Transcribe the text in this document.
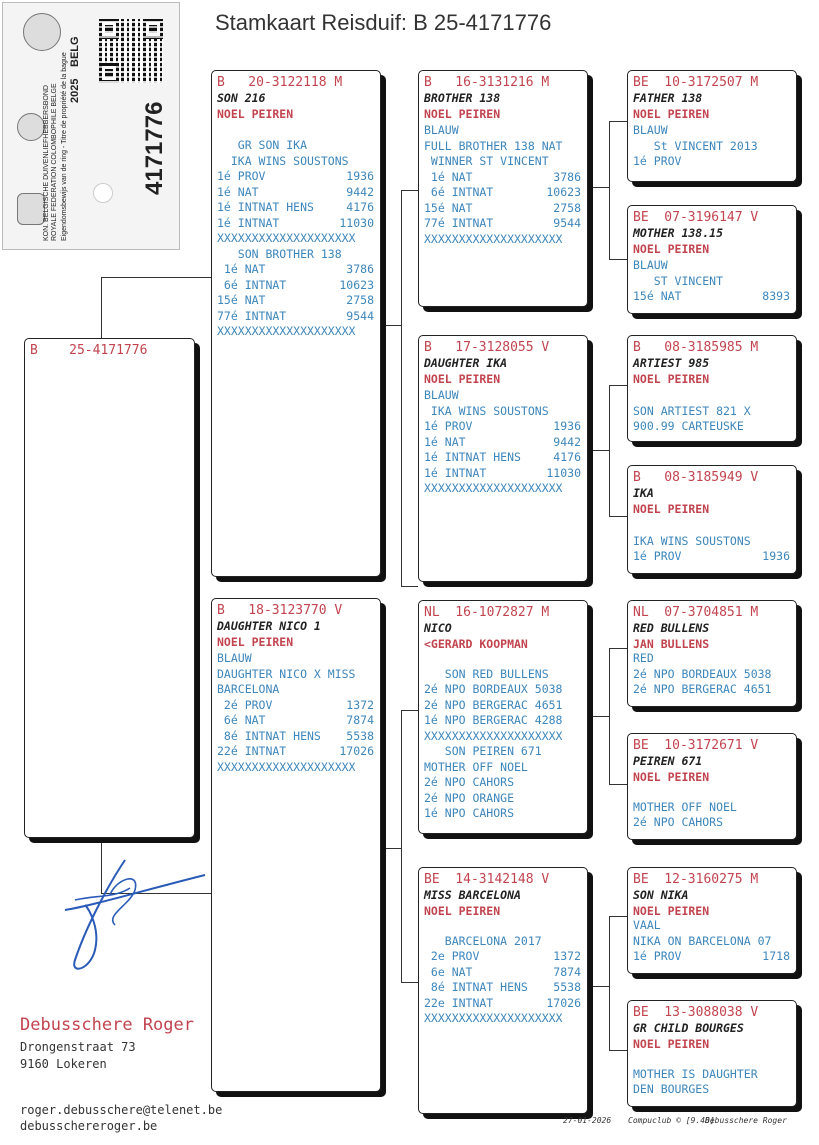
Stamkaart Reisduif: B 25-4171776
KON. BELGISCHE DUIVENLIEFHEBBERSBOND ROYALE FEDERATION COLOMBOPHILE BELGE Eigendomsbewijs van de ring - Titre de propriété de la bague 2025
BELG
4171776
B    25-4171776
B   20-3122118 M
SON 216
NOEL PEIREN
GR SON IKA
IKA WINS SOUSTONS
1é PROV	1936
1é NAT	9442
1é INTNAT HENS	4176
1é INTNAT	11030
XXXXXXXXXXXXXXXXXXXX
SON BROTHER 138
1é NAT	3786
6é INTNAT	10623
15é NAT	2758
77é INTNAT	9544
XXXXXXXXXXXXXXXXXXXX
B   18-3123770 V
DAUGHTER NICO 1
NOEL PEIREN
BLAUW
DAUGHTER NICO X MISS
BARCELONA
2é PROV	1372
6é NAT	7874
8é INTNAT HENS 5538
22é INTNAT	17026
XXXXXXXXXXXXXXXXXXXX
B   16-3131216 M
BROTHER 138
NOEL PEIREN
BLAUW
FULL BROTHER 138 NAT
WINNER ST VINCENT
1é NAT	3786
6é INTNAT	10623
15é NAT	2758
77é INTNAT	9544
XXXXXXXXXXXXXXXXXXXX
B   17-3128055 V
DAUGHTER IKA
NOEL PEIREN
BLAUW
IKA WINS SOUSTONS
1é PROV	1936
1é NAT	9442
1é INTNAT HENS	4176
1é INTNAT	11030
XXXXXXXXXXXXXXXXXXXX
NL  16-1072827 M
NICO
<GERARD KOOPMAN
SON RED BULLENS
2é NPO BORDEAUX 5038
2é NPO BERGERAC 4651
1é NPO BERGERAC 4288
XXXXXXXXXXXXXXXXXXXX
SON PEIREN 671
MOTHER OFF NOEL
2é NPO CAHORS
2é NPO ORANGE
1é NPO CAHORS
BE  14-3142148 V
MISS BARCELONA
NOEL PEIREN
BARCELONA 2017
2e PROV	1372
6e NAT	7874
8é INTNAT HENS 5538
22e INTNAT	17026
XXXXXXXXXXXXXXXXXXXX
BE  10-3172507 M
FATHER 138
NOEL PEIREN
BLAUW
St VINCENT 2013
1é PROV
BE  07-3196147 V
MOTHER 138.15
NOEL PEIREN
BLAUW
ST VINCENT
15é NAT	8393
B   08-3185985 M
ARTIEST 985
NOEL PEIREN
SON ARTIEST 821 X
900.99 CARTEUSKE
B   08-3185949 V
IKA
NOEL PEIREN
IKA WINS SOUSTONS
1é PROV	1936
NL  07-3704851 M
RED BULLENS
JAN BULLENS
RED
2é NPO BORDEAUX 5038
2é NPO BERGERAC 4651
BE  10-3172671 V
PEIREN 671
NOEL PEIREN
MOTHER OFF NOEL
2é NPO CAHORS
BE  12-3160275 M
SON NIKA
NOEL PEIREN
VAAL
NIKA ON BARCELONA 07
1é PROV	1718
BE  13-3088038 V
GR CHILD BOURGES
NOEL PEIREN
MOTHER IS DAUGHTER
DEN BOURGES
Debusschere Roger
Drongenstraat 73
9160 Lokeren
roger.debusschere@telenet.be
debusschereroger.be	27-01-2026 Compuclub © [9.48]
Debusschere Roger
